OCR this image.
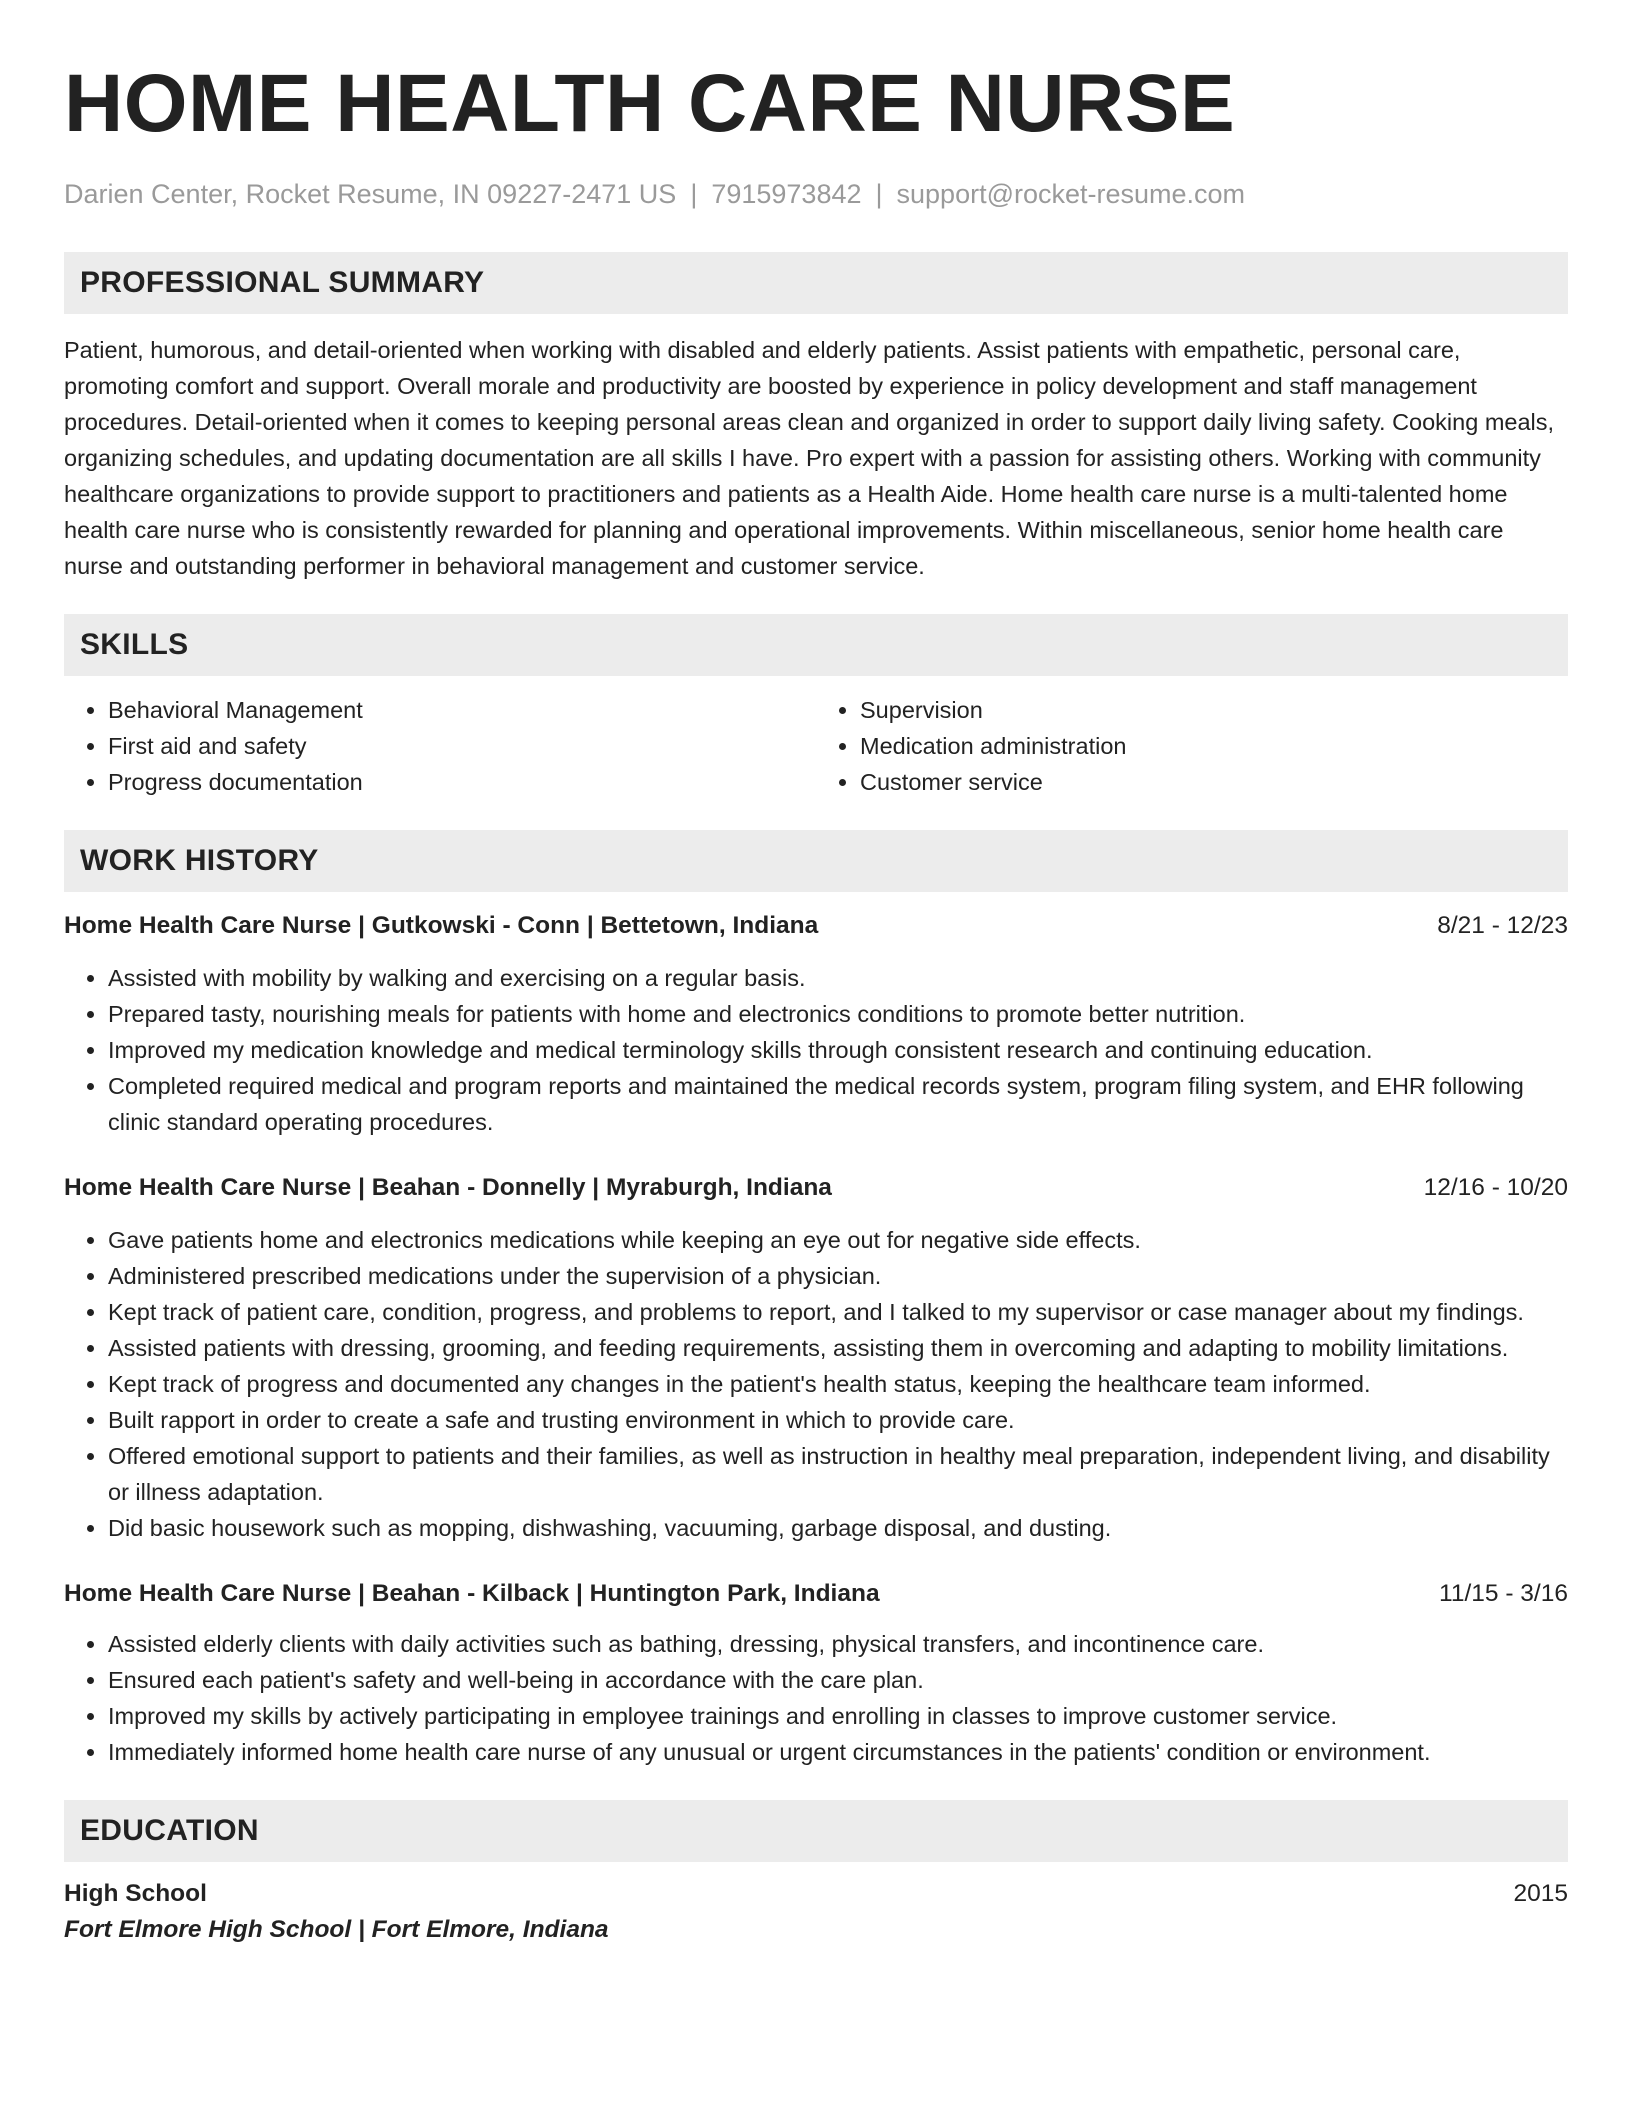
HOME HEALTH CARE NURSE
Darien Center, Rocket Resume, IN 09227-2471 US | 7915973842 | support@rocket-resume.com
PROFESSIONAL SUMMARY

Patient, humorous, and detail-oriented when working with disabled and elderly patients. Assist patients with empathetic, personal care, promoting comfort and support. Overall morale and productivity are boosted by experience in policy development and staff management procedures. Detail-oriented when it comes to keeping personal areas clean and organized in order to support daily living safety. Cooking meals, organizing schedules, and updating documentation are all skills I have. Pro expert with a passion for assisting others. Working with community healthcare organizations to provide support to practitioners and patients as a Health Aide. Home health care nurse is a multi-talented home health care nurse who is consistently rewarded for planning and operational improvements. Within miscellaneous, senior home health care nurse and outstanding performer in behavioral management and customer service.

SKILLS
• Behavioral Management
• First aid and safety
• Progress documentation
• Supervision
• Medication administration
• Customer service
WORK HISTORY
Home Health Care Nurse | Gutkowski - Conn | Bettetown, Indiana	8/21 - 12/23
• Assisted with mobility by walking and exercising on a regular basis.
• Prepared tasty, nourishing meals for patients with home and electronics conditions to promote better nutrition.
• Improved my medication knowledge and medical terminology skills through consistent research and continuing education.
• Completed required medical and program reports and maintained the medical records system, program filing system, and EHR following clinic standard operating procedures.
Home Health Care Nurse | Beahan - Donnelly | Myraburgh, Indiana	12/16 - 10/20
• Gave patients home and electronics medications while keeping an eye out for negative side effects.
• Administered prescribed medications under the supervision of a physician.
• Kept track of patient care, condition, progress, and problems to report, and I talked to my supervisor or case manager about my findings.
• Assisted patients with dressing, grooming, and feeding requirements, assisting them in overcoming and adapting to mobility limitations.
• Kept track of progress and documented any changes in the patient's health status, keeping the healthcare team informed.
• Built rapport in order to create a safe and trusting environment in which to provide care.
• Offered emotional support to patients and their families, as well as instruction in healthy meal preparation, independent living, and disability or illness adaptation.
• Did basic housework such as mopping, dishwashing, vacuuming, garbage disposal, and dusting.
Home Health Care Nurse | Beahan - Kilback | Huntington Park, Indiana	11/15 - 3/16
• Assisted elderly clients with daily activities such as bathing, dressing, physical transfers, and incontinence care.
• Ensured each patient's safety and well-being in accordance with the care plan.
• Improved my skills by actively participating in employee trainings and enrolling in classes to improve customer service.
• Immediately informed home health care nurse of any unusual or urgent circumstances in the patients' condition or environment.
EDUCATION
High School	2015
Fort Elmore High School | Fort Elmore, Indiana
